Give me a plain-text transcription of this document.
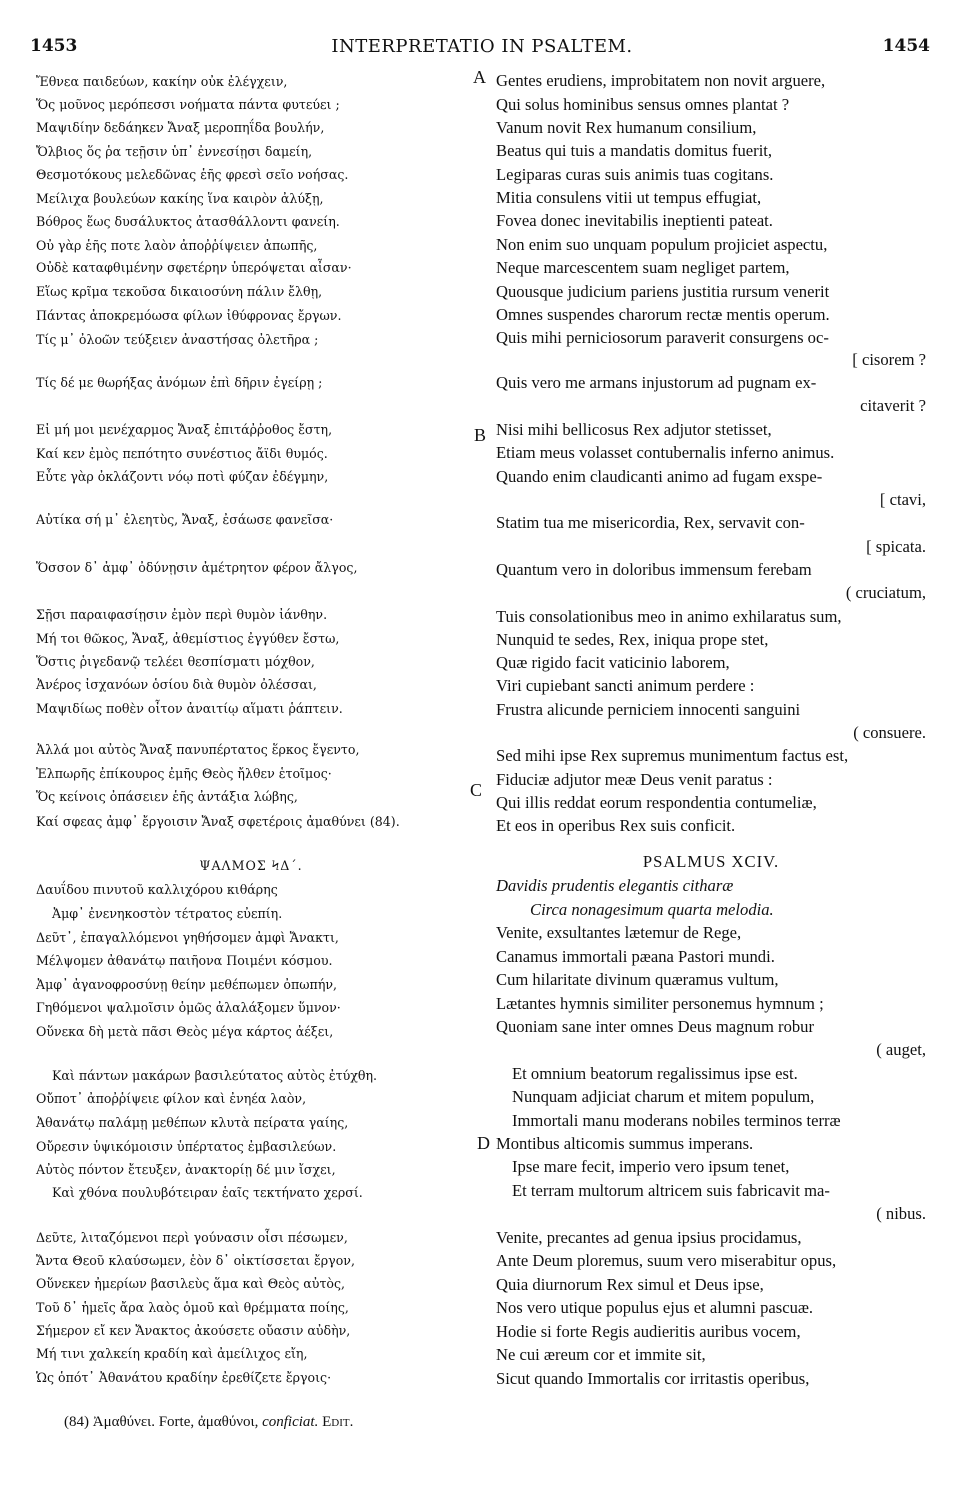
1453	INTERPRETATIO IN PSALTEM.	1454
Ἔθνεα παιδεύων, κακίην οὐκ ἐλέγχειν,
Ὅς μοῦνος μερόπεσσι νοήματα πάντα φυτεύει ;
Μαψιδίην δεδάηκεν Ἄναξ μεροπηΐδα βουλήν,
Ὄλβιος ὅς ῥα τεῇσιν ὑπ᾽ ἐννεσίῃσι δαμείη,
Θεσμοτόκους μελεδῶνας ἑῆς φρεσὶ σεῖο νοήσας.
Μείλιχα βουλεύων κακίης ἵνα καιρὸν ἀλύξῃ,
Βόθρος ἕως δυσάλυκτος ἀτασθάλλοντι φανείη.
Οὐ γὰρ ἑῆς ποτε λαὸν ἀποῤῥίψειεν ἀπωπῆς,
Οὐδὲ καταφθιμένην σφετέρην ὑπερόψεται αἶσαν·
Εἵως κρῖμα τεκοῦσα δικαιοσύνη πάλιν ἔλθῃ,
Πάντας ἀποκρεμόωσα φίλων ἰθύφρονας ἔργων.
Τίς μ᾽ ὀλοῶν τεύξειεν ἀναστήσας ὀλετῆρα ;
Τίς δέ με θωρήξας ἀνόμων ἐπὶ δῆριν ἐγείρῃ ;
Εἰ μή μοι μενέχαρμος Ἄναξ ἐπιτάῤῥοθος ἔστη,
Καί κεν ἐμὸς πεπότητο συνέστιος ἄϊδι θυμός.
Εὖτε γὰρ ὀκλάζοντι νόῳ ποτὶ φύζαν ἐδέγμην,
Αὐτίκα σή μ᾽ ἐλεητὺς, Ἄναξ, ἐσάωσε φανεῖσα·
Ὅσσον δ᾽ ἀμφ᾽ ὀδύνῃσιν ἀμέτρητον φέρον ἄλγος,
Σῇσι παραιφασίῃσιν ἐμὸν περὶ θυμὸν ἰάνθην.
Μή τοι θῶκος, Ἄναξ, ἀθεμίστιος ἐγγύθεν ἔστω,
Ὅστις ῥιγεδανῷ τελέει θεσπίσματι μόχθον,
Ἀνέρος ἰσχανόων ὁσίου διὰ θυμὸν ὀλέσσαι,
Μαψιδίως ποθὲν οἶτον ἀναιτίῳ αἵματι ῥάπτειν.
Ἀλλά μοι αὐτὸς Ἄναξ πανυπέρτατος ἕρκος ἔγεντο,
Ἐλπωρῆς ἐπίκουρος ἐμῆς Θεὸς ἤλθεν ἑτοῖμος·
Ὅς κείνοις ὀπάσειεν ἑῆς ἀντάξια λώβης,
Καί σφεας ἀμφ᾽ ἔργοισιν Ἄναξ σφετέροις ἀμαθύνει (84).
ΨΑΛΜΟΣ ϞΔ΄.
Δαυΐδου πινυτοῦ καλλιχόρου κιθάρης
Ἀμφ᾽ ἐνενηκοστὸν τέτρατος εὐεπίη.
Δεῦτ᾽, ἐπαγαλλόμενοι γηθήσομεν ἀμφὶ Ἄνακτι,
Μέλψομεν ἀθανάτῳ παιῆονα Ποιμένι κόσμου.
Ἀμφ᾽ ἀγανοφροσύνῃ θείην μεθέπωμεν ὀπωπήν,
Γηθόμενοι ψαλμοῖσιν ὁμῶς ἀλαλάξομεν ὕμνον·
Οὕνεκα δὴ μετὰ πᾶσι Θεὸς μέγα κάρτος ἀέξει,
Καὶ πάντων μακάρων βασιλεύτατος αὐτὸς ἐτύχθη.
Οὔποτ᾽ ἀποῤῥίψειε φίλον καὶ ἐνηέα λαὸν,
Ἀθανάτῳ παλάμῃ μεθέπων κλυτὰ πείρατα γαίης,
Οὔρεσιν ὑψικόμοισιν ὑπέρτατος ἐμβασιλεύων.
Αὐτὸς πόντον ἔτευξεν, ἀνακτορίῃ δέ μιν ἴσχει,
Καὶ χθόνα πουλυβότειραν ἑαῖς τεκτήνατο χερσί.
Δεῦτε, λιταζόμενοι περὶ γούνασιν οἷσι πέσωμεν,
Ἄντα Θεοῦ κλαύσωμεν, ἑὸν δ᾽ οἰκτίσσεται ἔργον,
Οὕνεκεν ἠμερίων βασιλεὺς ἅμα καὶ Θεὸς αὐτὸς,
Τοῦ δ᾽ ἡμεῖς ἄρα λαὸς ὁμοῦ καὶ θρέμματα ποίης,
Σήμερον εἴ κεν Ἄνακτος ἀκούσετε οὔασιν αὐδὴν,
Μή τινι χαλκείη κραδίη καὶ ἀμείλιχος εἴη,
Ὡς ὁπότ᾽ Ἀθανάτου κραδίην ἐρεθίζετε ἔργοις·
Gentes erudiens, improbitatem non novit arguere,
Qui solus hominibus sensus omnes plantat ?
Vanum novit Rex humanum consilium,
Beatus qui tuis a mandatis domitus fuerit,
Legiparas curas suis animis tuas cogitans.
Mitia consulens vitii ut tempus effugiat,
Fovea donec inevitabilis ineptienti pateat.
Non enim suo unquam populum projiciet aspectu,
Neque marcescentem suam negliget partem,
Quousque judicium pariens justitia rursum venerit
Omnes suspendes charorum rectæ mentis operum.
Quis mihi perniciosorum paraverit consurgens oc-
[ cisorem ?
Quis vero me armans injustorum ad pugnam ex-
citaverit ?
Nisi mihi bellicosus Rex adjutor stetisset,
Etiam meus volasset contubernalis inferno animus.
Quando enim claudicanti animo ad fugam exspe-
[ ctavi,
Statim tua me misericordia, Rex, servavit con-
[ spicata.
Quantum vero in doloribus immensum ferebam
( cruciatum,
Tuis consolationibus meo in animo exhilaratus sum,
Nunquid te sedes, Rex, iniqua prope stet,
Quæ rigido facit vaticinio laborem,
Viri cupiebant sancti animum perdere :
Frustra alicunde perniciem innocenti sanguini
( consuere.
Sed mihi ipse Rex supremus munimentum factus est,
Fiduciæ adjutor meæ Deus venit paratus :
Qui illis reddat eorum respondentia contumeliæ,
Et eos in operibus Rex suis conficit.
PSALMUS XCIV.
Davidis prudentis elegantis citharæ
Circa nonagesimum quarta melodia.
Venite, exsultantes lætemur de Rege,
Canamus immortali pæana Pastori mundi.
Cum hilaritate divinum quæramus vultum,
Lætantes hymnis similiter personemus hymnum ;
Quoniam sane inter omnes Deus magnum robur
( auget,
Et omnium beatorum regalissimus ipse est.
Nunquam adjiciat charum et mitem populum,
Immortali manu moderans nobiles terminos terræ
Montibus alticomis summus imperans.
Ipse mare fecit, imperio vero ipsum tenet,
Et terram multorum altricem suis fabricavit ma-
( nibus.
Venite, precantes ad genua ipsius procidamus,
Ante Deum ploremus, suum vero miserabitur opus,
Quia diurnorum Rex simul et Deus ipse,
Nos vero utique populus ejus et alumni pascuæ.
Hodie si forte Regis audieritis auribus vocem,
Ne cui æreum cor et immite sit,
Sicut quando Immortalis cor irritastis operibus,
A
B
C
D
(84) Ἀμαθύνει. Forte, ἀμαθύνοι, conficiat. Edit.
